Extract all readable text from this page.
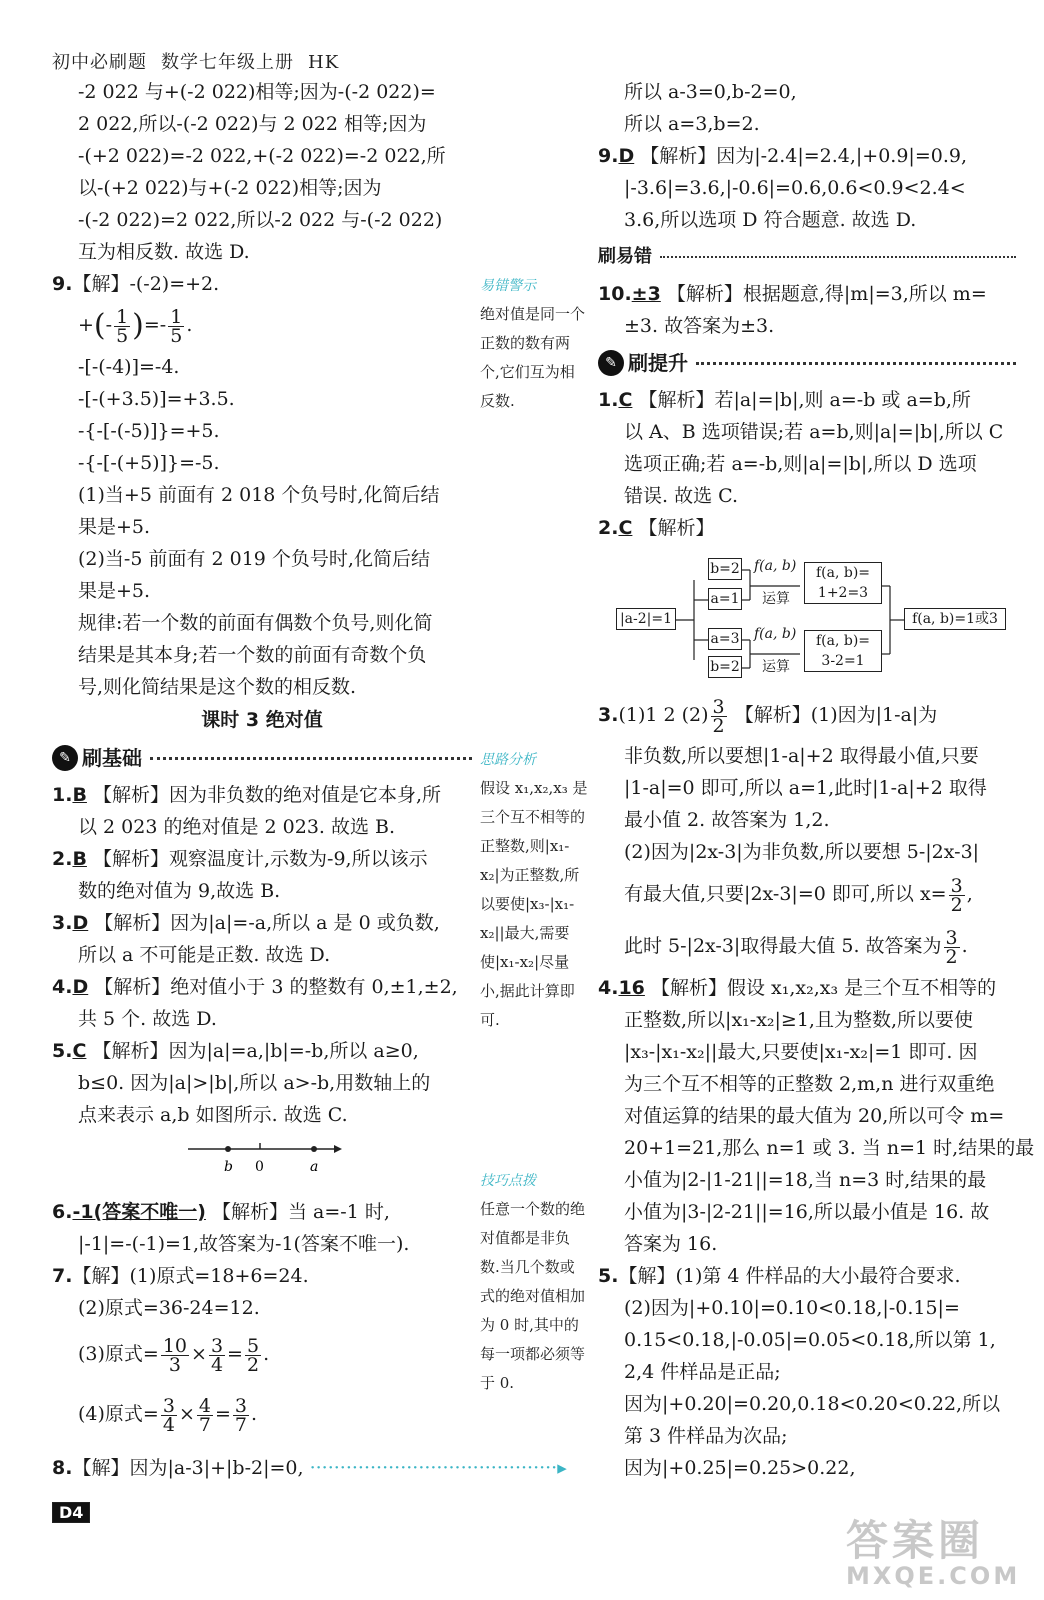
初中必刷题 数学七年级上册 HK
-2 022 与+(-2 022)相等;因为-(-2 022)=
2 022,所以-(-2 022)与 2 022 相等;因为
-(+2 022)=-2 022,+(-2 022)=-2 022,所
以-(+2 022)与+(-2 022)相等;因为
-(-2 022)=2 022,所以-2 022 与-(-2 022)
互为相反数. 故选 D.
9.【解】-(-2)=+2.
+(- $\frac{1}{5}$ )=- $\frac{1}{5}$ .
-[-(-4)]=-4.
-[-(+3.5)]=+3.5.
-{-[-(-5)]}=+5.
-{-[-(+5)]}=-5.
(1)当+5 前面有 2 018 个负号时,化简后结
果是+5.
(2)当-5 前面有 2 019 个负号时,化简后结
果是+5.
规律:若一个数的前面有偶数个负号,则化简
结果是其本身;若一个数的前面有奇数个负
号,则化简结果是这个数的相反数.
课时 3 绝对值
✎ 刷基础
1.B 【解析】因为非负数的绝对值是它本身,所
以 2 023 的绝对值是 2 023. 故选 B.
2.B 【解析】观察温度计,示数为-9,所以该示
数的绝对值为 9,故选 B.
3.D 【解析】因为|a|=-a,所以 a 是 0 或负数,
所以 a 不可能是正数. 故选 D.
4.D 【解析】绝对值小于 3 的整数有 0,±1,±2,
共 5 个. 故选 D.
5.C 【解析】因为|a|=a,|b|=-b,所以 a≥0,
b≤0. 因为|a|>|b|,所以 a>-b,用数轴上的
点来表示 a,b 如图所示. 故选 C.
b 0	a
6.-1(答案不唯一) 【解析】当 a=-1 时,
|-1|=-(-1)=1,故答案为-1(答案不唯一).
7.【解】(1)原式=18+6=24.
(2)原式=36-24=12.
(3)原式= $\frac{10}{3} \times \frac{3}{4} = \frac{5}{2}$ .
(4)原式= $\frac{3}{4} \times \frac{4}{7} = \frac{3}{7}$ .
8.【解】因为|a-3|+|b-2|=0, ·········································▸
易错警示
绝对值是同一个正数的数有两个,它们互为相反数.
思路分析
假设 x₁,x₂,x₃ 是三个互不相等的正整数,则|x₁-x₂|为正整数,所以要使|x₃-|x₁-x₂||最大,需要使|x₁-x₂|尽量小,据此计算即可.
技巧点拨
任意一个数的绝对值都是非负数.当几个数或式的绝对值相加为 0 时,其中的每一项都必须等于 0.
所以 a-3=0,b-2=0,
所以 a=3,b=2.
9.D 【解析】因为|-2.4|=2.4,|+0.9|=0.9,
|-3.6|=3.6,|-0.6|=0.6,0.6<0.9<2.4<
3.6,所以选项 D 符合题意. 故选 D.
刷易错
10.±3 【解析】根据题意,得|m|=3,所以 m=
±3. 故答案为±3.
✎ 刷提升
1.C 【解析】若|a|=|b|,则 a=-b 或 a=b,所
以 A、B 选项错误;若 a=b,则|a|=|b|,所以 C
选项正确;若 a=-b,则|a|=|b|,所以 D 选项
错误. 故选 C.
2.C 【解析】
|a-2|=1
b=2
a=1
a=3
b=2
f(a, b)
运算
f(a, b)
运算
f(a, b)=
1+2=3
f(a, b)=
3-2=1
f(a, b)=1或3
3.(1)1 2 $(2) \frac{3}{2}$ 【解析】(1)因为|1-a|为
非负数,所以要想|1-a|+2 取得最小值,只要
|1-a|=0 即可,所以 a=1,此时|1-a|+2 取得
最小值 2. 故答案为 1,2.
(2)因为|2x-3|为非负数,所以要想 5-|2x-3|
有最大值,只要|2x-3|=0 即可,所以 $x= \frac{3}{2}$ ,
此时 5-|2x-3|取得最大值 5. 故答案为 $\frac{3}{2}$ .
4.16 【解析】假设 x₁,x₂,x₃ 是三个互不相等的
正整数,所以|x₁-x₂|≥1,且为整数,所以要使
|x₃-|x₁-x₂||最大,只要使|x₁-x₂|=1 即可. 因
为三个互不相等的正整数 2,m,n 进行双重绝
对值运算的结果的最大值为 20,所以可令 m=
20+1=21,那么 n=1 或 3. 当 n=1 时,结果的最
小值为|2-|1-21||=18,当 n=3 时,结果的最
小值为|3-|2-21||=16,所以最小值是 16. 故
答案为 16.
5.【解】(1)第 4 件样品的大小最符合要求.
(2)因为|+0.10|=0.10<0.18,|-0.15|=
0.15<0.18,|-0.05|=0.05<0.18,所以第 1,
2,4 件样品是正品;
因为|+0.20|=0.20,0.18<0.20<0.22,所以
第 3 件样品为次品;
因为|+0.25|=0.25>0.22,
D4
答案圈
MXQE.COM
